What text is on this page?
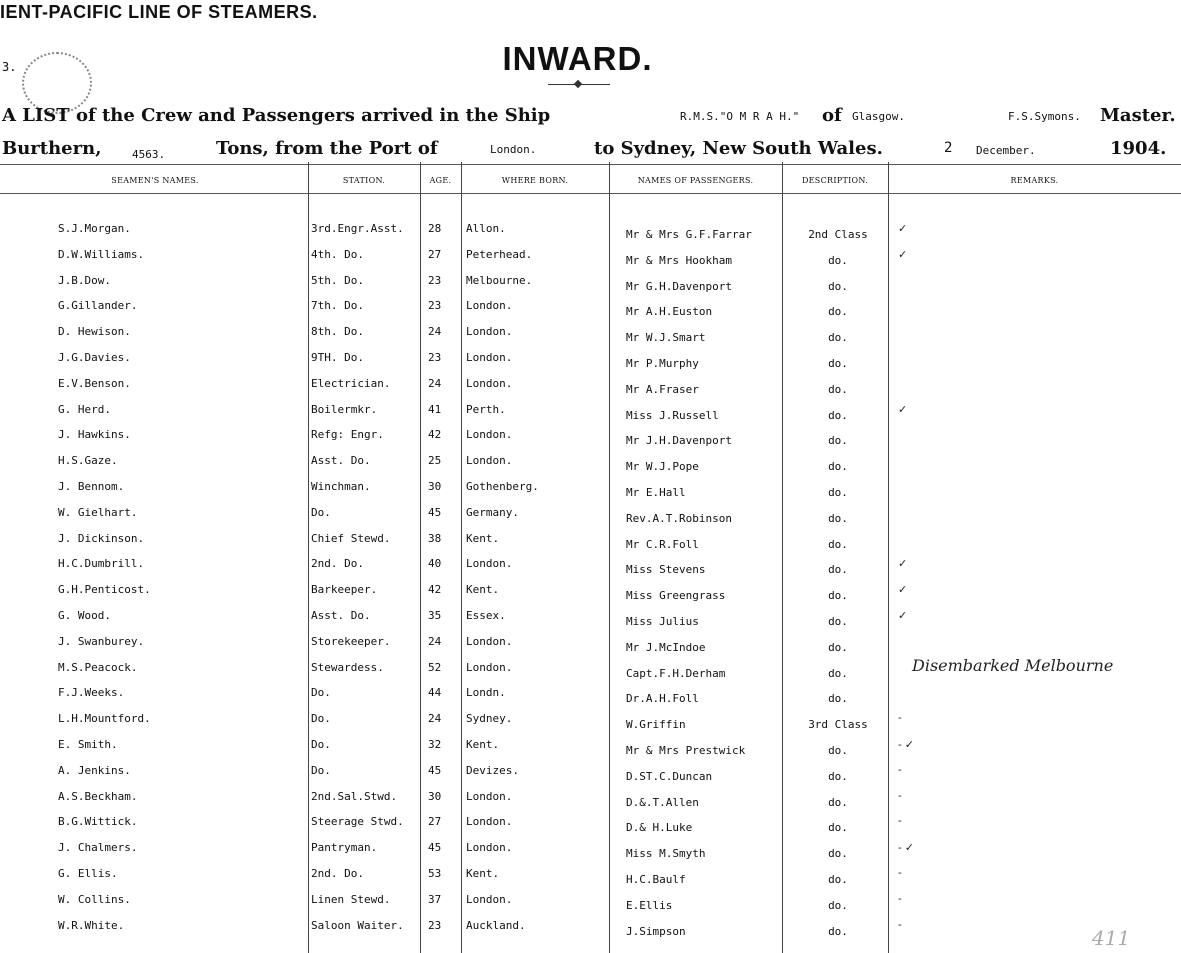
IENT-PACIFIC LINE OF STEAMERS.
3.	INWARD.
A LIST of the Crew and Passengers arrived in the Ship	R.M.S."O M R A H." of Glasgow.	F.S.Symons. Master.
Burthern,	4563.	Tons, from the Port of	London.	to Sydney, New South Wales.	2 December.	1904.
SEAMEN'S NAMES.	STATION.	AGE.	WHERE BORN.	NAMES OF PASSENGERS.	DESCRIPTION.	REMARKS.
S.J.Morgan.	3rd.Engr.Asst. 28 Allon.	Mr & Mrs G.F.Farrar	2nd Class	✓
D.W.Williams.	4th. Do.	27 Peterhead.	Mr & Mrs Hookham	do.	✓
J.B.Dow.	5th. Do.	23 Melbourne.	Mr G.H.Davenport	do.
G.Gillander.	7th. Do.	23 London.	Mr A.H.Euston	do.
D. Hewison.	8th. Do.	24 London.	Mr W.J.Smart	do.
J.G.Davies.	9TH. Do.	23 London.	Mr P.Murphy	do.
E.V.Benson.	Electrician.	24 London.	Mr A.Fraser	do.
G. Herd.	Boilermkr.	41 Perth.	Miss J.Russell	do.	✓
J. Hawkins.	Refg: Engr.	42 London.	Mr J.H.Davenport	do.
H.S.Gaze.	Asst. Do.	25 London.	Mr W.J.Pope	do.
J. Bennom.	Winchman.	30 Gothenberg.	Mr E.Hall	do.
W. Gielhart.	Do.	45 Germany.	Rev.A.T.Robinson	do.
J. Dickinson.	Chief Stewd.	38 Kent.	Mr C.R.Foll	do.
H.C.Dumbrill.	2nd. Do.	40 London.	Miss Stevens	do.	✓
G.H.Penticost.	Barkeeper.	42 Kent.	Miss Greengrass	do.	✓
G. Wood.	Asst. Do.	35 Essex.	Miss Julius	do.	✓
J. Swanburey.	Storekeeper.	24 London.	Mr J.McIndoe	do.
M.S.Peacock.	Stewardess.	52 London.	Capt.F.H.Derham	do.
F.J.Weeks.	Do.	44 Londn.	Dr.A.H.Foll	do.
L.H.Mountford.	Do.	24 Sydney.	W.Griffin	3rd Class	-
E. Smith.	Do.	32 Kent.	Mr & Mrs Prestwick	do.	- ✓
A. Jenkins.	Do.	45 Devizes.	D.ST.C.Duncan	do.	-
A.S.Beckham.	2nd.Sal.Stwd.	30 London.	D.&.T.Allen	do.	-
B.G.Wittick.	Steerage Stwd. 27 London.	D.& H.Luke	do.	-
J. Chalmers.	Pantryman.	45 London.	Miss M.Smyth	do.	- ✓
G. Ellis.	2nd. Do.	53 Kent.	H.C.Baulf	do.	-
W. Collins.	Linen Stewd.	37 London.	E.Ellis	do.	-
W.R.White.	Saloon Waiter. 23 Auckland.	J.Simpson	do.	-
Disembarked Melbourne
411
